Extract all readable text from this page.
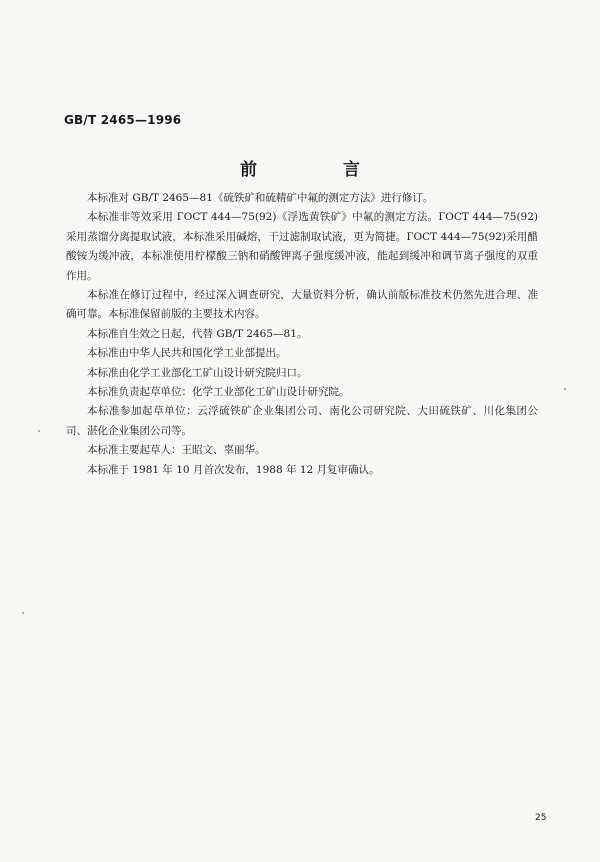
GB/T 2465—1996
前 言

本标准对 GB/T 2465—81《硫铁矿和硫精矿中氟的测定方法》进行修订。

本标准非等效采用 ГОСТ 444—75(92)《浮选黄铁矿》中氟的测定方法。ГОСТ 444—75(92)采用蒸馏分离提取试液，本标准采用碱熔，干过滤制取试液，更为简捷。ГОСТ 444—75(92)采用醋酸铵为缓冲液，本标准使用柠檬酸三钠和硝酸钾离子强度缓冲液，能起到缓冲和调节离子强度的双重作用。

本标准在修订过程中，经过深入调查研究，大量资料分析，确认前版标准技术仍然先进合理、准确可靠。本标准保留前版的主要技术内容。

本标准自生效之日起，代替 GB/T 2465—81。

本标准由中华人民共和国化学工业部提出。

本标准由化学工业部化工矿山设计研究院归口。

本标准负责起草单位：化学工业部化工矿山设计研究院。

本标准参加起草单位：云浮硫铁矿企业集团公司、南化公司研究院、大田硫铁矿、川化集团公司、湛化企业集团公司等。

本标准主要起草人：王昭文、辜丽华。

本标准于 1981 年 10 月首次发布，1988 年 12 月复审确认。

25
